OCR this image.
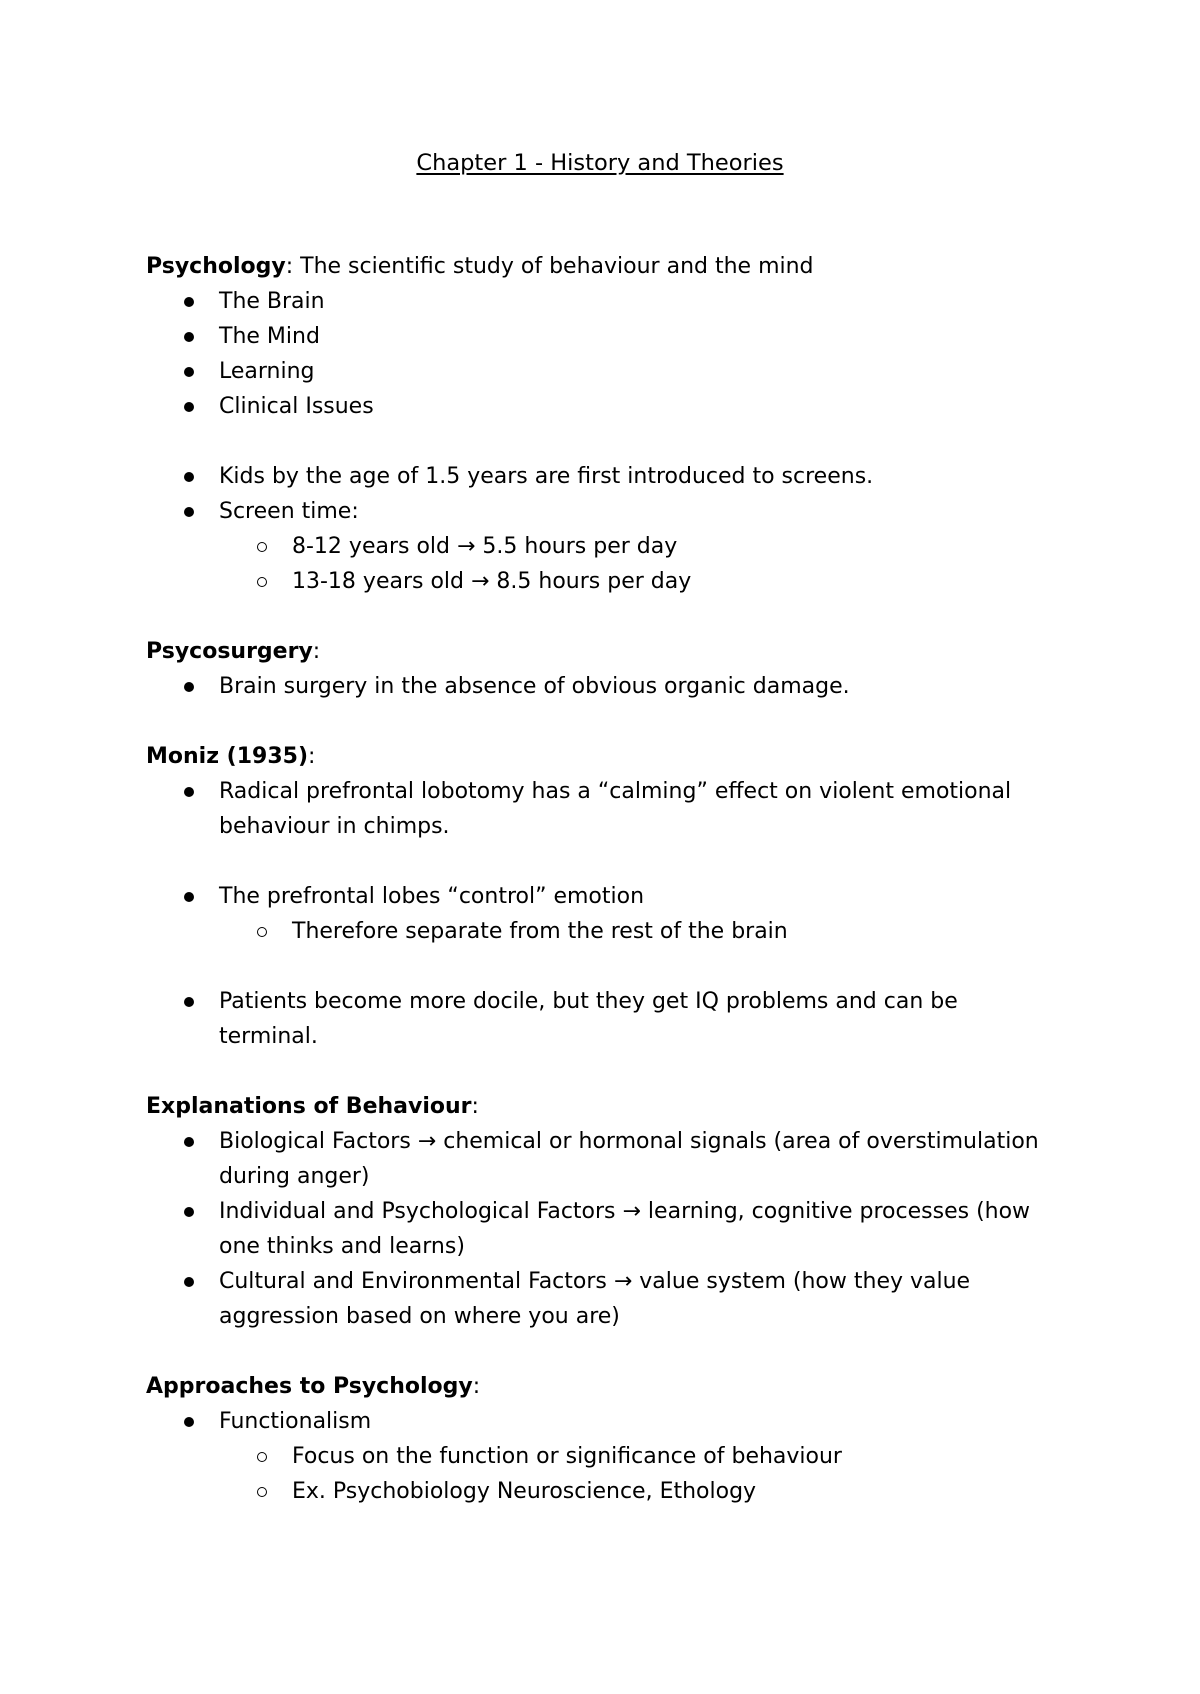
Chapter 1 - History and Theories
Psychology: The scientific study of behaviour and the mind
The Brain
The Mind
Learning
Clinical Issues
Kids by the age of 1.5 years are first introduced to screens.
Screen time:
8-12 years old → 5.5 hours per day
13-18 years old → 8.5 hours per day
Psycosurgery:
Brain surgery in the absence of obvious organic damage.
Moniz (1935):
Radical prefrontal lobotomy has a “calming” effect on violent emotional
behaviour in chimps.
The prefrontal lobes “control” emotion
Therefore separate from the rest of the brain
Patients become more docile, but they get IQ problems and can be
terminal.
Explanations of Behaviour:
Biological Factors → chemical or hormonal signals (area of overstimulation
during anger)
Individual and Psychological Factors → learning, cognitive processes (how
one thinks and learns)
Cultural and Environmental Factors → value system (how they value
aggression based on where you are)
Approaches to Psychology:
Functionalism
Focus on the function or significance of behaviour
Ex. Psychobiology Neuroscience, Ethology
